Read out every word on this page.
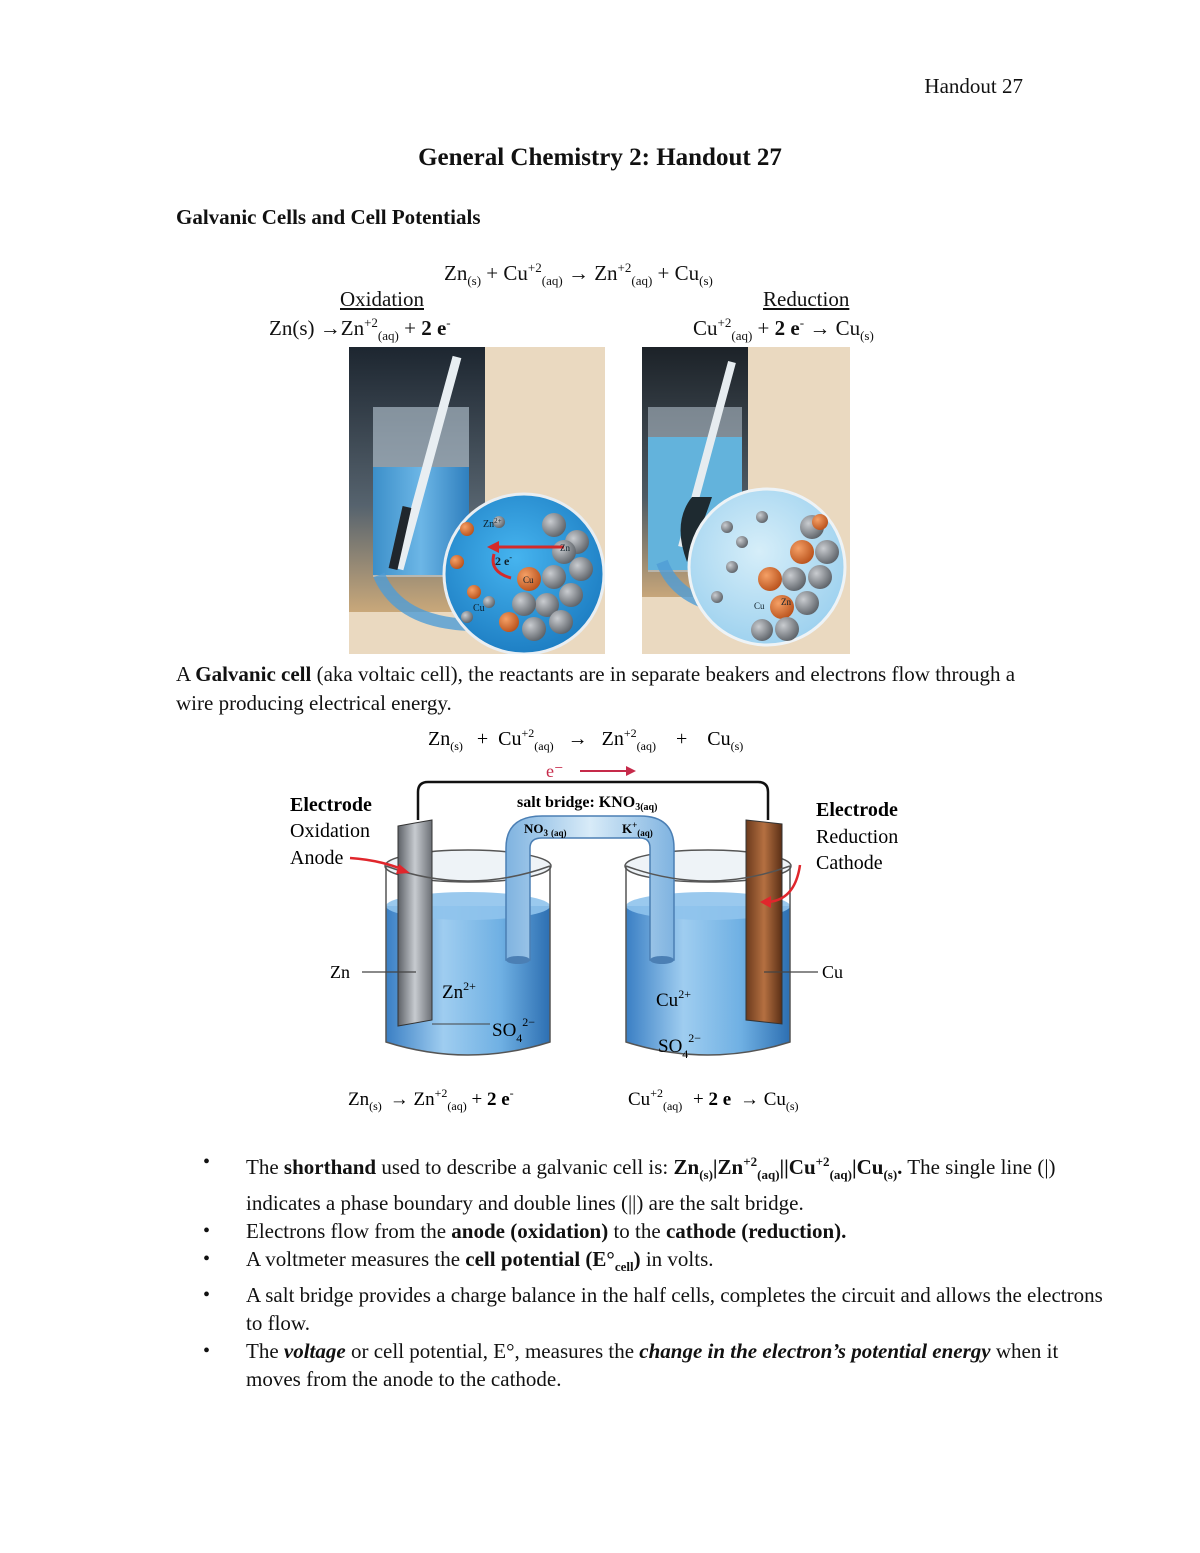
Handout 27
General Chemistry 2: Handout 27
Galvanic Cells and Cell Potentials
$Zn_{(s)} + Cu^{+2}_{(aq)} \to Zn^{+2}_{(aq)} + Cu_{(s)}$
Oxidation
$Zn(s) \to Zn^{+2}_{(aq)} + 2$ e-
Reduction
$Cu^{+2}_{(aq)} + 2$ $e^- \to Cu_{(s)}$
$Zn^{2+}$
2 e-
Zn
Cu
Cu	Cu Zn
A Galvanic cell (aka voltaic cell), the reactants are in separate beakers and electrons flow through a wire producing electrical energy.
$Zn_{(s)} + Cu^{+2}_{(aq)} \to Zn^{+2}_{(aq)} + Cu_{(s)}$
e⁻
salt bridge: KNO3(aq)
$NO_3$ (aq)	$K^+_{(aq)}$
Electrode
Oxidation
Anode
Electrode
Reduction
Cathode
Zn	Cu
$Zn^{2+}$
$SO_4^{2-}$
$Cu^{2+}$
$SO_4^{2-}$
$Zn_{(s)} \to Zn^{+2}_{(aq)} + 2$ e-	$Cu^{+2}_{(aq)} + 2$ $e \to Cu_{(s)}$
• The shorthand used to describe a galvanic cell is: $Zn_{(s)}|Zn^{+2}_{(aq)}||Cu^{+2}_{(aq)}|Cu_{(s)}$. The single line (|) indicates a phase boundary and double lines (||) are the salt bridge.
• Electrons flow from the anode (oxidation) to the cathode (reduction).
• A voltmeter measures the cell potential $(E^\circ_{cell})$ in volts.
• A salt bridge provides a charge balance in the half cells, completes the circuit and allows the electrons to flow.
• The voltage or cell potential, E°, measures the change in the electron’s potential energy when it moves from the anode to the cathode.
